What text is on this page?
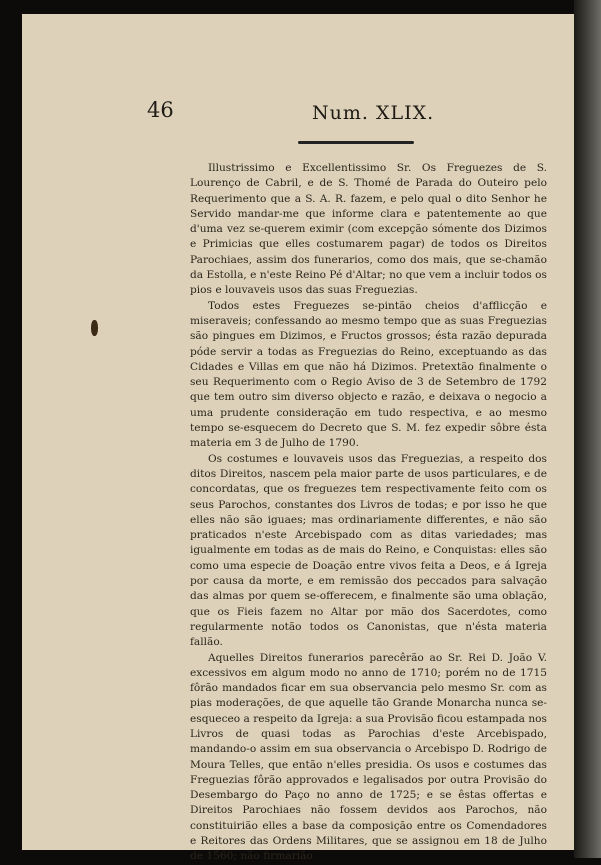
46	Num. XLIX.

Illustrissimo e Excellentissimo Sr. Os Freguezes de S. Lourenço de Cabril, e de S. Thomé de Parada do Outeiro pelo Requerimento que a S. A. R. fazem, e pelo qual o dito Senhor he Servido mandar-me que informe clara e patentemente ao que d'uma vez se-querem eximir (com excepção sómente dos Dizimos e Primicias que elles costumarem pagar) de todos os Direitos Parochiaes, assim dos funerarios, como dos mais, que se-chamão da Estolla, e n'este Reino Pé d'Altar; no que vem a incluir todos os pios e louvaveis usos das suas Freguezias.

Todos estes Freguezes se-pintão cheios d'afflicção e miseraveis; confessando ao mesmo tempo que as suas Freguezias são pingues em Dizimos, e Fructos grossos; ésta razão depurada póde servir a todas as Freguezias do Reino, exceptuando as das Cidades e Villas em que não há Dizimos. Pretextão finalmente o seu Requerimento com o Regio Aviso de 3 de Setembro de 1792 que tem outro sim diverso objecto e razão, e deixava o negocio a uma prudente consideração em tudo respectiva, e ao mesmo tempo se-esquecem do Decreto que S. M. fez expedir sôbre ésta materia em 3 de Julho de 1790.

Os costumes e louvaveis usos das Freguezias, a respeito dos ditos Direitos, nascem pela maior parte de usos particulares, e de concordatas, que os freguezes tem respectivamente feito com os seus Parochos, constantes dos Livros de todas; e por isso he que elles não são iguaes; mas ordinariamente differentes, e não são praticados n'este Arcebispado com as ditas variedades; mas igualmente em todas as de mais do Reino, e Conquistas: elles são como uma especie de Doação entre vivos feita a Deos, e á Igreja por causa da morte, e em remissão dos peccados para salvação das almas por quem se-offerecem, e finalmente são uma oblação, que os Fieis fazem no Altar por mão dos Sacerdotes, como regularmente notão todos os Canonistas, que n'ésta materia fallão.

Aquelles Direitos funerarios parecêrão ao Sr. Rei D. João V. excessivos em algum modo no anno de 1710; porém no de 1715 fôrão mandados ficar em sua observancia pelo mesmo Sr. com as pias moderações, de que aquelle tão Grande Monarcha nunca se-esqueceo a respeito da Igreja: a sua Provisão ficou estampada nos Livros de quasi todas as Parochias d'este Arcebispado, mandando-o assim em sua observancia o Arcebispo D. Rodrigo de Moura Telles, que então n'elles presidia. Os usos e costumes das Freguezias fôrão approvados e legalisados por outra Provisão do Desembargo do Paço no anno de 1725; e se êstas offertas e Direitos Parochiaes não fossem devidos aos Parochos, não constituirião elles a base da composição entre os Comendadores e Reitores das Ordens Militares, que se assignou em 18 de Julho de 1560; não firmarião
